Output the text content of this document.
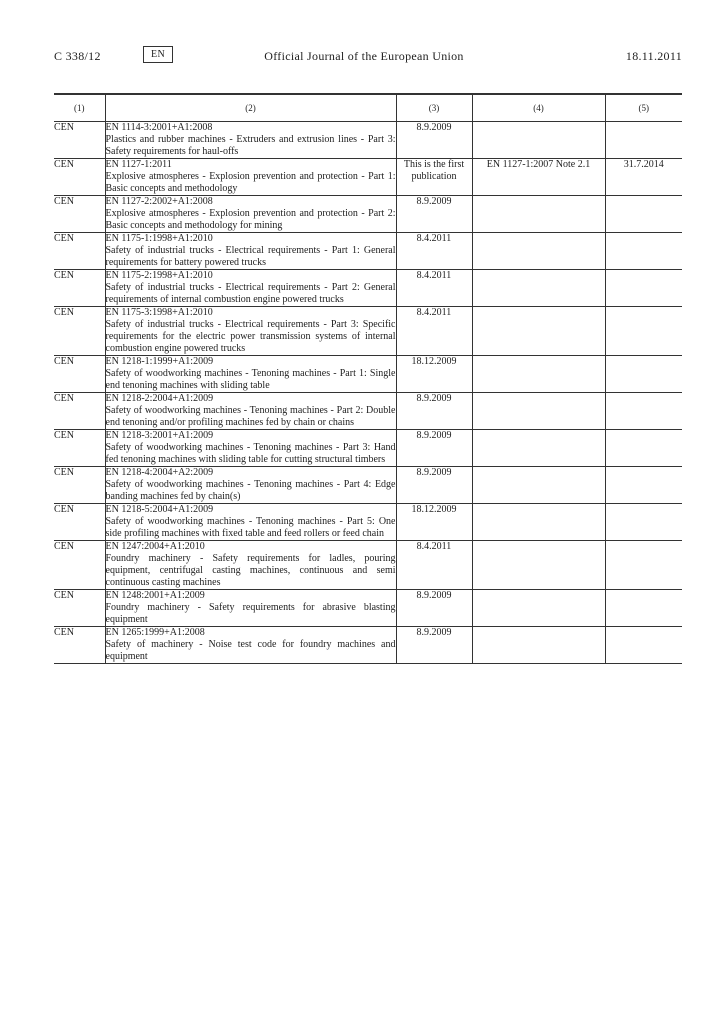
C 338/12	EN	Official Journal of the European Union	18.11.2011
(1)	(2)	(3)	(4)	(5)
CEN	EN 1114-3:2001+A1:2008
Plastics and rubber machines - Extruders and extrusion lines - Part 3: Safety requirements for haul-offs	8.9.2009		
CEN	EN 1127-1:2011
Explosive atmospheres - Explosion prevention and protection - Part 1: Basic concepts and methodology	This is the first publication	EN 1127-1:2007 Note 2.1	31.7.2014
CEN	EN 1127-2:2002+A1:2008
Explosive atmospheres - Explosion prevention and protection - Part 2: Basic concepts and methodology for mining	8.9.2009		
CEN	EN 1175-1:1998+A1:2010
Safety of industrial trucks - Electrical requirements - Part 1: General requirements for battery powered trucks	8.4.2011		
CEN	EN 1175-2:1998+A1:2010
Safety of industrial trucks - Electrical requirements - Part 2: General requirements of internal combustion engine powered trucks	8.4.2011		
CEN	EN 1175-3:1998+A1:2010
Safety of industrial trucks - Electrical requirements - Part 3: Specific requirements for the electric power transmission systems of internal combustion engine powered trucks	8.4.2011		
CEN	EN 1218-1:1999+A1:2009
Safety of woodworking machines - Tenoning machines - Part 1: Single end tenoning machines with sliding table	18.12.2009		
CEN	EN 1218-2:2004+A1:2009
Safety of woodworking machines - Tenoning machines - Part 2: Double end tenoning and/or profiling machines fed by chain or chains	8.9.2009		
CEN	EN 1218-3:2001+A1:2009
Safety of woodworking machines - Tenoning machines - Part 3: Hand fed tenoning machines with sliding table for cutting structural timbers	8.9.2009		
CEN	EN 1218-4:2004+A2:2009
Safety of woodworking machines - Tenoning machines - Part 4: Edge banding machines fed by chain(s)	8.9.2009		
CEN	EN 1218-5:2004+A1:2009
Safety of woodworking machines - Tenoning machines - Part 5: One side profiling machines with fixed table and feed rollers or feed chain	18.12.2009		
CEN	EN 1247:2004+A1:2010
Foundry machinery - Safety requirements for ladles, pouring equipment, centrifugal casting machines, continuous and semi continuous casting machines	8.4.2011		
CEN	EN 1248:2001+A1:2009
Foundry machinery - Safety requirements for abrasive blasting equipment	8.9.2009		
CEN	EN 1265:1999+A1:2008
Safety of machinery - Noise test code for foundry machines and equipment	8.9.2009		
